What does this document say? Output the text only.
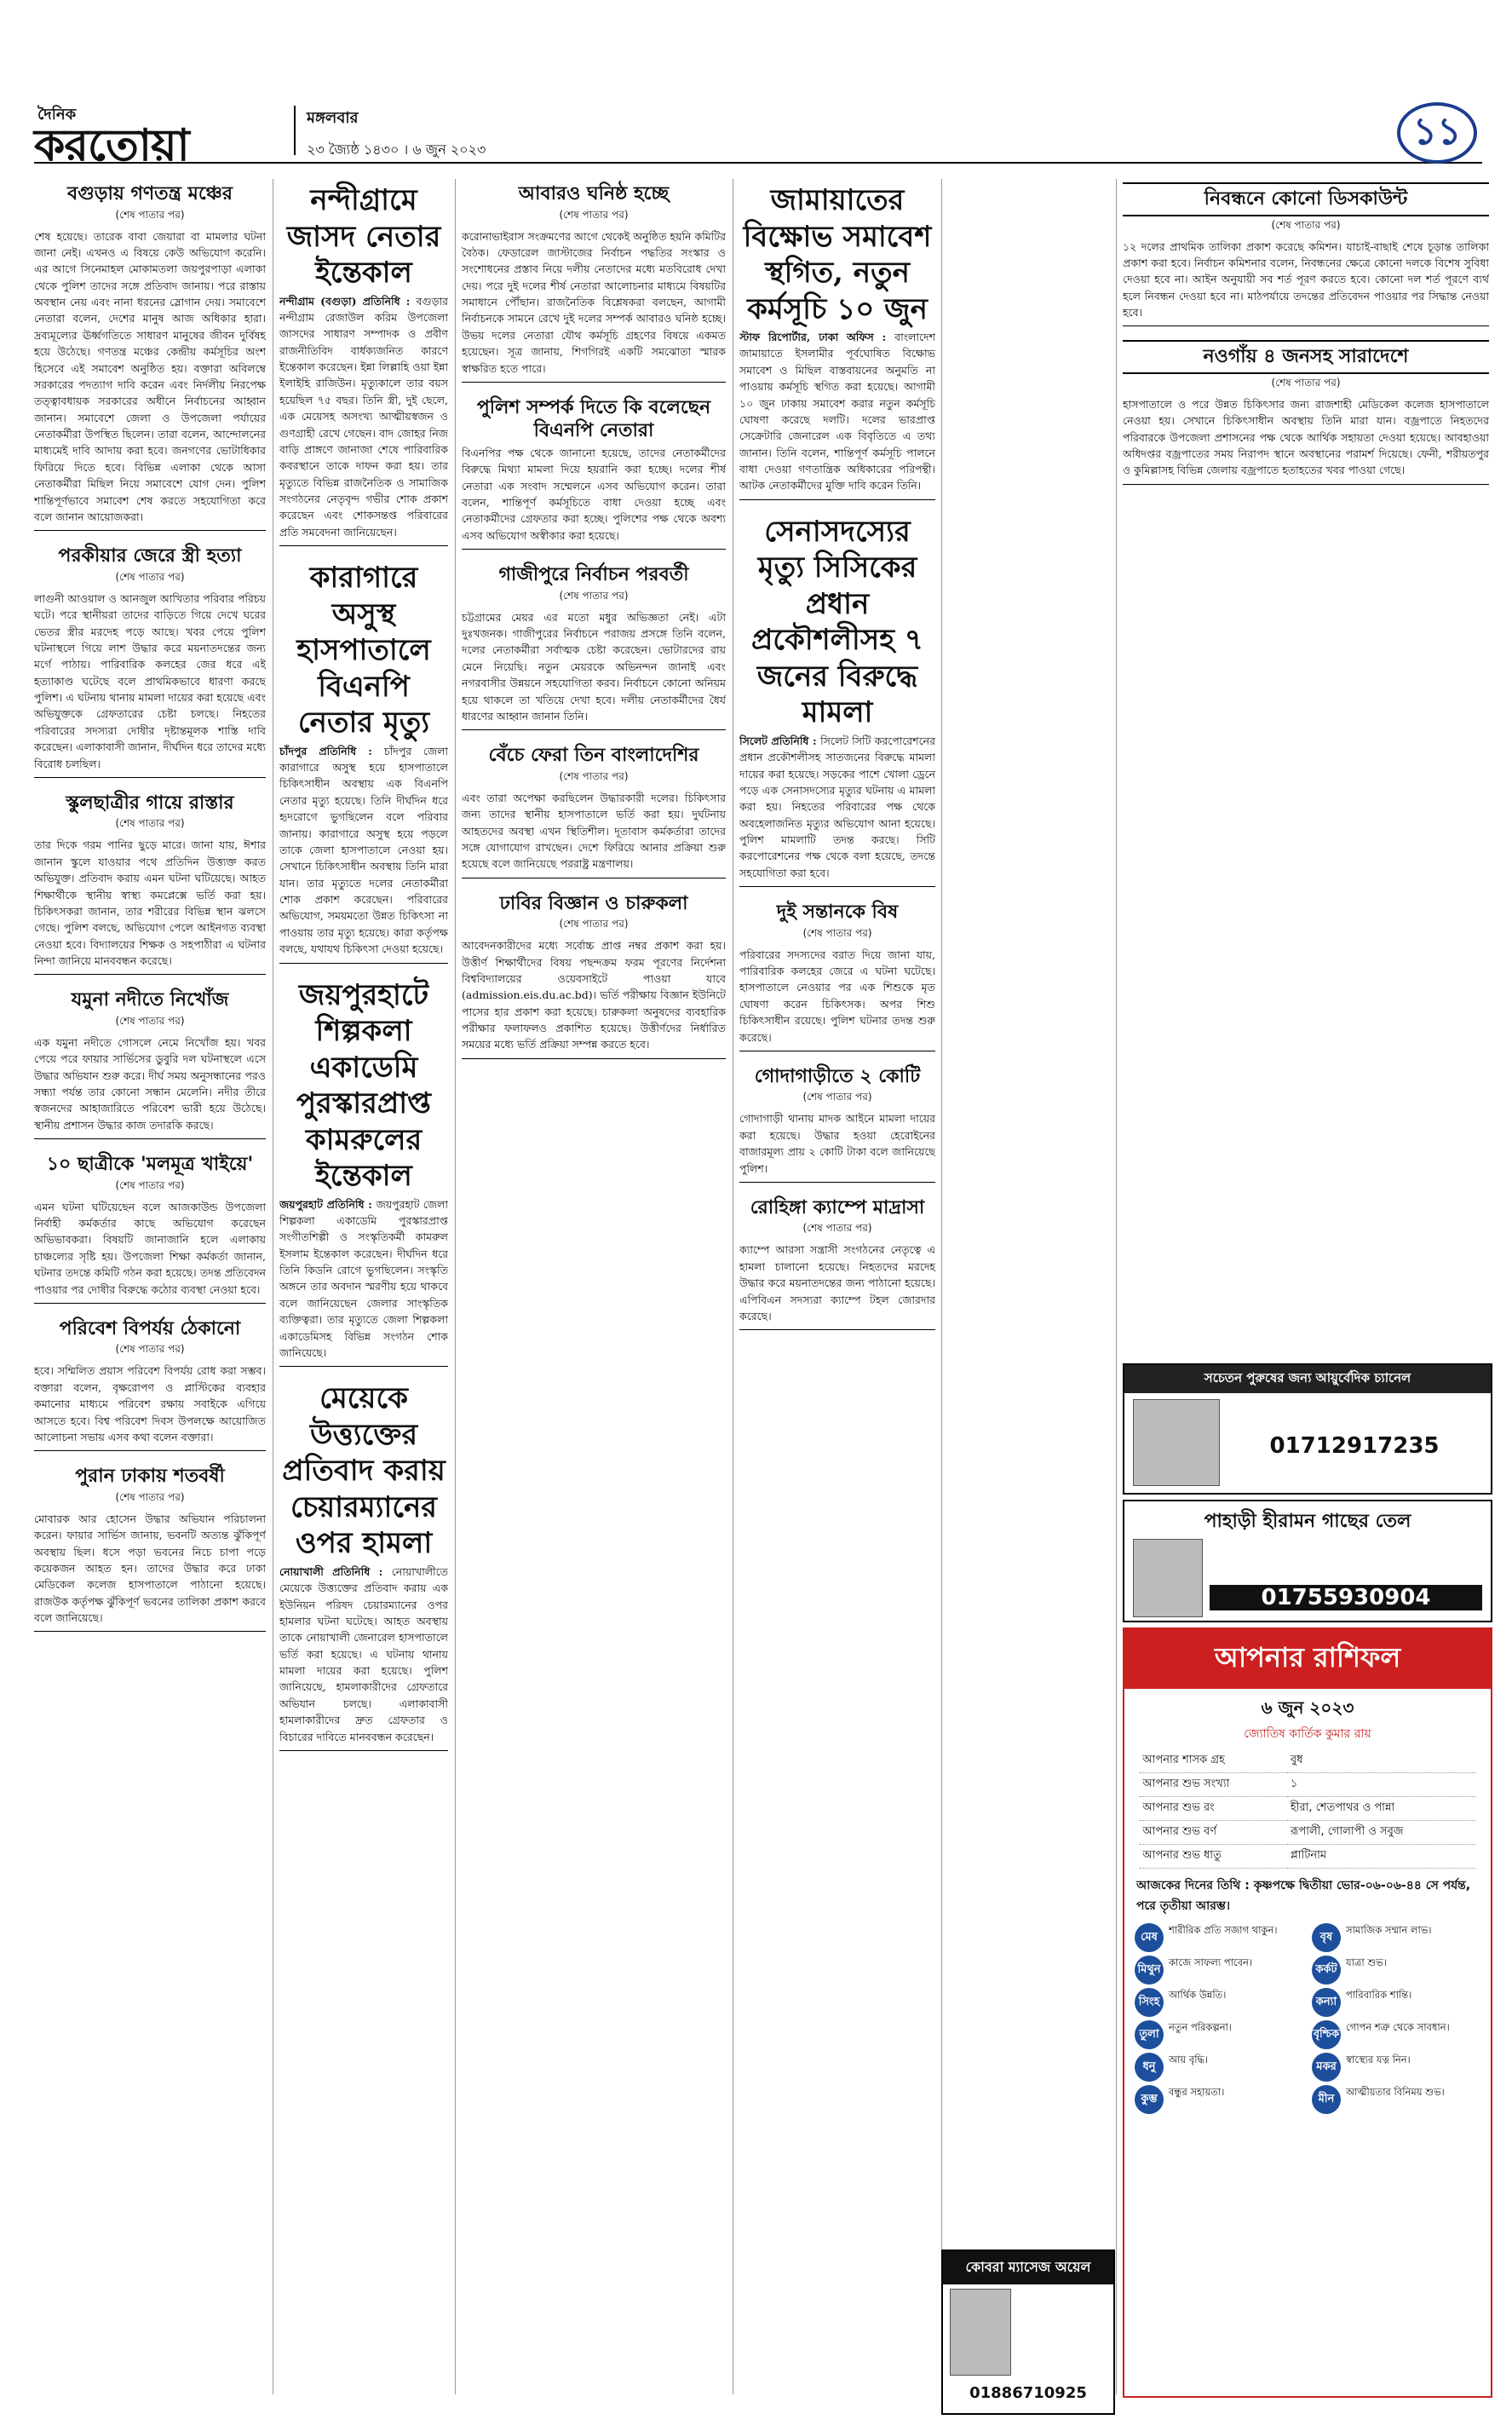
দৈনিক
করতোয়া
মঙ্গলবার
২৩ জ্যৈষ্ঠ ১৪৩০ । ৬ জুন ২০২৩	১১
বগুড়ায় গণতন্ত্র মঞ্চের
(শেষ পাতার পর)
শেষ হয়েছে। তারেক বাবা জেয়ারা বা মামলার ঘটনা জানা নেই। এখনও এ বিষয়ে কেউ অভিযোগ করেনি। এর আগে সিনেমাহল মোকামতলা জয়পুরপাড়া এলাকা থেকে পুলিশ তাদের সঙ্গে প্রতিবাদ জানায়। পরে রাস্তায় অবস্থান নেয় এবং নানা ধরনের স্লোগান দেয়। সমাবেশে নেতারা বলেন, দেশের মানুষ আজ অধিকার হারা। দ্রব্যমূল্যের ঊর্ধ্বগতিতে সাধারণ মানুষের জীবন দুর্বিষহ হয়ে উঠেছে। গণতন্ত্র মঞ্চের কেন্দ্রীয় কর্মসূচির অংশ হিসেবে এই সমাবেশ অনুষ্ঠিত হয়। বক্তারা অবিলম্বে সরকারের পদত্যাগ দাবি করেন এবং নির্দলীয় নিরপেক্ষ তত্ত্বাবধায়ক সরকারের অধীনে নির্বাচনের আহ্বান জানান। সমাবেশে জেলা ও উপজেলা পর্যায়ের নেতাকর্মীরা উপস্থিত ছিলেন। তারা বলেন, আন্দোলনের মাধ্যমেই দাবি আদায় করা হবে। জনগণের ভোটাধিকার ফিরিয়ে দিতে হবে। বিভিন্ন এলাকা থেকে আসা নেতাকর্মীরা মিছিল নিয়ে সমাবেশে যোগ দেন। পুলিশ শান্তিপূর্ণভাবে সমাবেশ শেষ করতে সহযোগিতা করে বলে জানান আয়োজকরা।
পরকীয়ার জেরে স্ত্রী হত্যা
(শেষ পাতার পর)
লাগুনী আওয়াল ও আনজুল আখিতার পরিবার পরিচয় ঘটে। পরে স্থানীয়রা তাদের বাড়িতে গিয়ে দেখে ঘরের ভেতর স্ত্রীর মরদেহ পড়ে আছে। খবর পেয়ে পুলিশ ঘটনাস্থলে গিয়ে লাশ উদ্ধার করে ময়নাতদন্তের জন্য মর্গে পাঠায়। পারিবারিক কলহের জের ধরে এই হত্যাকাণ্ড ঘটেছে বলে প্রাথমিকভাবে ধারণা করছে পুলিশ। এ ঘটনায় থানায় মামলা দায়ের করা হয়েছে এবং অভিযুক্তকে গ্রেফতারের চেষ্টা চলছে। নিহতের পরিবারের সদস্যরা দোষীর দৃষ্টান্তমূলক শাস্তি দাবি করেছেন। এলাকাবাসী জানান, দীর্ঘদিন ধরে তাদের মধ্যে বিরোধ চলছিল।
স্কুলছাত্রীর গায়ে রাস্তার
(শেষ পাতার পর)
তার দিকে গরম পানির ছুড়ে মারে। জানা যায়, ঈশার জানান স্কুলে যাওয়ার পথে প্রতিদিন উত্ত্যক্ত করত অভিযুক্ত। প্রতিবাদ করায় এমন ঘটনা ঘটিয়েছে। আহত শিক্ষার্থীকে স্থানীয় স্বাস্থ্য কমপ্লেক্সে ভর্তি করা হয়। চিকিৎসকরা জানান, তার শরীরের বিভিন্ন স্থান ঝলসে গেছে। পুলিশ বলছে, অভিযোগ পেলে আইনগত ব্যবস্থা নেওয়া হবে। বিদ্যালয়ের শিক্ষক ও সহপাঠীরা এ ঘটনার নিন্দা জানিয়ে মানববন্ধন করেছে।
যমুনা নদীতে নিখোঁজ
(শেষ পাতার পর)
এক যমুনা নদীতে গোসলে নেমে নিখোঁজ হয়। খবর পেয়ে পরে ফায়ার সার্ভিসের ডুবুরি দল ঘটনাস্থলে এসে উদ্ধার অভিযান শুরু করে। দীর্ঘ সময় অনুসন্ধানের পরও সন্ধ্যা পর্যন্ত তার কোনো সন্ধান মেলেনি। নদীর তীরে স্বজনদের আহাজারিতে পরিবেশ ভারী হয়ে উঠেছে। স্থানীয় প্রশাসন উদ্ধার কাজ তদারকি করছে।
১০ ছাত্রীকে 'মলমূত্র খাইয়ে'
(শেষ পাতার পর)
এমন ঘটনা ঘটিয়েছেন বলে আজকাউন্ড উপজেলা নির্বাহী কর্মকর্তার কাছে অভিযোগ করেছেন অভিভাবকরা। বিষয়টি জানাজানি হলে এলাকায় চাঞ্চল্যের সৃষ্টি হয়। উপজেলা শিক্ষা কর্মকর্তা জানান, ঘটনার তদন্তে কমিটি গঠন করা হয়েছে। তদন্ত প্রতিবেদন পাওয়ার পর দোষীর বিরুদ্ধে কঠোর ব্যবস্থা নেওয়া হবে।
পরিবেশ বিপর্যয় ঠেকানো
(শেষ পাতার পর)
হবে। সম্মিলিত প্রয়াস পরিবেশ বিপর্যয় রোধ করা সম্ভব। বক্তারা বলেন, বৃক্ষরোপণ ও প্লাস্টিকের ব্যবহার কমানোর মাধ্যমে পরিবেশ রক্ষায় সবাইকে এগিয়ে আসতে হবে। বিশ্ব পরিবেশ দিবস উপলক্ষে আয়োজিত আলোচনা সভায় এসব কথা বলেন বক্তারা।
পুরান ঢাকায় শতবর্ষী
(শেষ পাতার পর)
মোবারক আর হোসেন উদ্ধার অভিযান পরিচালনা করেন। ফায়ার সার্ভিস জানায়, ভবনটি অত্যন্ত ঝুঁকিপূর্ণ অবস্থায় ছিল। ধসে পড়া ভবনের নিচে চাপা পড়ে কয়েকজন আহত হন। তাদের উদ্ধার করে ঢাকা মেডিকেল কলেজ হাসপাতালে পাঠানো হয়েছে। রাজউক কর্তৃপক্ষ ঝুঁকিপূর্ণ ভবনের তালিকা প্রকাশ করবে বলে জানিয়েছে।
নন্দীগ্রামে জাসদ নেতার ইন্তেকাল
নন্দীগ্রাম (বগুড়া) প্রতিনিধি : বগুড়ার নন্দীগ্রাম রেজাউল করিম উপজেলা জাসদের সাধারণ সম্পাদক ও প্রবীণ রাজনীতিবিদ বার্ধক্যজনিত কারণে ইন্তেকাল করেছেন। ইন্না লিল্লাহি ওয়া ইন্না ইলাইহি রাজিউন। মৃত্যুকালে তার বয়স হয়েছিল ৭৫ বছর। তিনি স্ত্রী, দুই ছেলে, এক মেয়েসহ অসংখ্য আত্মীয়স্বজন ও গুণগ্রাহী রেখে গেছেন। বাদ জোহর নিজ বাড়ি প্রাঙ্গণে জানাজা শেষে পারিবারিক কবরস্থানে তাকে দাফন করা হয়। তার মৃত্যুতে বিভিন্ন রাজনৈতিক ও সামাজিক সংগঠনের নেতৃবৃন্দ গভীর শোক প্রকাশ করেছেন এবং শোকসন্তপ্ত পরিবারের প্রতি সমবেদনা জানিয়েছেন।
কারাগারে অসুস্থ হাসপাতালে বিএনপি নেতার মৃত্যু
চাঁদপুর প্রতিনিধি : চাঁদপুর জেলা কারাগারে অসুস্থ হয়ে হাসপাতালে চিকিৎসাধীন অবস্থায় এক বিএনপি নেতার মৃত্যু হয়েছে। তিনি দীর্ঘদিন ধরে হৃদরোগে ভুগছিলেন বলে পরিবার জানায়। কারাগারে অসুস্থ হয়ে পড়লে তাকে জেলা হাসপাতালে নেওয়া হয়। সেখানে চিকিৎসাধীন অবস্থায় তিনি মারা যান। তার মৃত্যুতে দলের নেতাকর্মীরা শোক প্রকাশ করেছেন। পরিবারের অভিযোগ, সময়মতো উন্নত চিকিৎসা না পাওয়ায় তার মৃত্যু হয়েছে। কারা কর্তৃপক্ষ বলছে, যথাযথ চিকিৎসা দেওয়া হয়েছে।
জয়পুরহাটে শিল্পকলা একাডেমি পুরস্কারপ্রাপ্ত কামরুলের ইন্তেকাল
জয়পুরহাট প্রতিনিধি : জয়পুরহাট জেলা শিল্পকলা একাডেমি পুরস্কারপ্রাপ্ত সংগীতশিল্পী ও সংস্কৃতিকর্মী কামরুল ইসলাম ইন্তেকাল করেছেন। দীর্ঘদিন ধরে তিনি কিডনি রোগে ভুগছিলেন। সংস্কৃতি অঙ্গনে তার অবদান স্মরণীয় হয়ে থাকবে বলে জানিয়েছেন জেলার সাংস্কৃতিক ব্যক্তিত্বরা। তার মৃত্যুতে জেলা শিল্পকলা একাডেমিসহ বিভিন্ন সংগঠন শোক জানিয়েছে।
মেয়েকে উত্ত্যক্তের প্রতিবাদ করায় চেয়ারম্যানের ওপর হামলা
নোয়াখালী প্রতিনিধি : নোয়াখালীতে মেয়েকে উত্ত্যক্তের প্রতিবাদ করায় এক ইউনিয়ন পরিষদ চেয়ারম্যানের ওপর হামলার ঘটনা ঘটেছে। আহত অবস্থায় তাকে নোয়াখালী জেনারেল হাসপাতালে ভর্তি করা হয়েছে। এ ঘটনায় থানায় মামলা দায়ের করা হয়েছে। পুলিশ জানিয়েছে, হামলাকারীদের গ্রেফতারে অভিযান চলছে। এলাকাবাসী হামলাকারীদের দ্রুত গ্রেফতার ও বিচারের দাবিতে মানববন্ধন করেছেন।
আবারও ঘনিষ্ঠ হচ্ছে
(শেষ পাতার পর)
করোনাভাইরাস সংক্রমণের আগে থেকেই অনুষ্ঠিত হয়নি কমিটির বৈঠক। ফেডারেল জাস্টাজের নির্বাচন পদ্ধতির সংস্কার ও সংশোধনের প্রস্তাব নিয়ে দলীয় নেতাদের মধ্যে মতবিরোধ দেখা দেয়। পরে দুই দলের শীর্ষ নেতারা আলোচনার মাধ্যমে বিষয়টির সমাধানে পৌঁছান। রাজনৈতিক বিশ্লেষকরা বলছেন, আগামী নির্বাচনকে সামনে রেখে দুই দলের সম্পর্ক আবারও ঘনিষ্ঠ হচ্ছে। উভয় দলের নেতারা যৌথ কর্মসূচি গ্রহণের বিষয়ে একমত হয়েছেন। সূত্র জানায়, শিগগিরই একটি সমঝোতা স্মারক স্বাক্ষরিত হতে পারে।
পুলিশ সম্পর্ক দিতে কি বলেছেন বিএনপি নেতারা
বিএনপির পক্ষ থেকে জানানো হয়েছে, তাদের নেতাকর্মীদের বিরুদ্ধে মিথ্যা মামলা দিয়ে হয়রানি করা হচ্ছে। দলের শীর্ষ নেতারা এক সংবাদ সম্মেলনে এসব অভিযোগ করেন। তারা বলেন, শান্তিপূর্ণ কর্মসূচিতে বাধা দেওয়া হচ্ছে এবং নেতাকর্মীদের গ্রেফতার করা হচ্ছে। পুলিশের পক্ষ থেকে অবশ্য এসব অভিযোগ অস্বীকার করা হয়েছে।
গাজীপুরে নির্বাচন পরবর্তী
(শেষ পাতার পর)
চট্টগ্রামের মেয়র এর মতো মধুর অভিজ্ঞতা নেই। এটা দুঃখজনক। গাজীপুরের নির্বাচনে পরাজয় প্রসঙ্গে তিনি বলেন, দলের নেতাকর্মীরা সর্বাত্মক চেষ্টা করেছেন। ভোটারদের রায় মেনে নিয়েছি। নতুন মেয়রকে অভিনন্দন জানাই এবং নগরবাসীর উন্নয়নে সহযোগিতা করব। নির্বাচনে কোনো অনিয়ম হয়ে থাকলে তা খতিয়ে দেখা হবে। দলীয় নেতাকর্মীদের ধৈর্য ধারণের আহ্বান জানান তিনি।
বেঁচে ফেরা তিন বাংলাদেশির
(শেষ পাতার পর)
এবং তারা অপেক্ষা করছিলেন উদ্ধারকারী দলের। চিকিৎসার জন্য তাদের স্থানীয় হাসপাতালে ভর্তি করা হয়। দুর্ঘটনায় আহতদের অবস্থা এখন স্থিতিশীল। দূতাবাস কর্মকর্তারা তাদের সঙ্গে যোগাযোগ রাখছেন। দেশে ফিরিয়ে আনার প্রক্রিয়া শুরু হয়েছে বলে জানিয়েছে পররাষ্ট্র মন্ত্রণালয়।
ঢাবির বিজ্ঞান ও চারুকলা
(শেষ পাতার পর)
আবেদনকারীদের মধ্যে সর্বোচ্চ প্রাপ্ত নম্বর প্রকাশ করা হয়। উত্তীর্ণ শিক্ষার্থীদের বিষয় পছন্দক্রম ফরম পূরণের নির্দেশনা বিশ্ববিদ্যালয়ের ওয়েবসাইটে পাওয়া যাবে (admission.eis.du.ac.bd)। ভর্তি পরীক্ষায় বিজ্ঞান ইউনিটে পাসের হার প্রকাশ করা হয়েছে। চারুকলা অনুষদের ব্যবহারিক পরীক্ষার ফলাফলও প্রকাশিত হয়েছে। উত্তীর্ণদের নির্ধারিত সময়ের মধ্যে ভর্তি প্রক্রিয়া সম্পন্ন করতে হবে।
জামায়াতের বিক্ষোভ সমাবেশ স্থগিত, নতুন কর্মসূচি ১০ জুন
স্টাফ রিপোর্টার, ঢাকা অফিস : বাংলাদেশ জামায়াতে ইসলামীর পূর্বঘোষিত বিক্ষোভ সমাবেশ ও মিছিল বাস্তবায়নের অনুমতি না পাওয়ায় কর্মসূচি স্থগিত করা হয়েছে। আগামী ১০ জুন ঢাকায় সমাবেশ করার নতুন কর্মসূচি ঘোষণা করেছে দলটি। দলের ভারপ্রাপ্ত সেক্রেটারি জেনারেল এক বিবৃতিতে এ তথ্য জানান। তিনি বলেন, শান্তিপূর্ণ কর্মসূচি পালনে বাধা দেওয়া গণতান্ত্রিক অধিকারের পরিপন্থী। আটক নেতাকর্মীদের মুক্তি দাবি করেন তিনি।
সেনাসদস্যের মৃত্যু সিসিকের প্রধান প্রকৌশলীসহ ৭ জনের বিরুদ্ধে মামলা
সিলেট প্রতিনিধি : সিলেট সিটি করপোরেশনের প্রধান প্রকৌশলীসহ সাতজনের বিরুদ্ধে মামলা দায়ের করা হয়েছে। সড়কের পাশে খোলা ড্রেনে পড়ে এক সেনাসদস্যের মৃত্যুর ঘটনায় এ মামলা করা হয়। নিহতের পরিবারের পক্ষ থেকে অবহেলাজনিত মৃত্যুর অভিযোগ আনা হয়েছে। পুলিশ মামলাটি তদন্ত করছে। সিটি করপোরেশনের পক্ষ থেকে বলা হয়েছে, তদন্তে সহযোগিতা করা হবে।
দুই সন্তানকে বিষ
(শেষ পাতার পর)
পরিবারের সদস্যদের বরাত দিয়ে জানা যায়, পারিবারিক কলহের জেরে এ ঘটনা ঘটেছে। হাসপাতালে নেওয়ার পর এক শিশুকে মৃত ঘোষণা করেন চিকিৎসক। অপর শিশু চিকিৎসাধীন রয়েছে। পুলিশ ঘটনার তদন্ত শুরু করেছে।
গোদাগাড়ীতে ২ কোটি
(শেষ পাতার পর)
গোদাগাড়ী থানায় মাদক আইনে মামলা দায়ের করা হয়েছে। উদ্ধার হওয়া হেরোইনের বাজারমূল্য প্রায় ২ কোটি টাকা বলে জানিয়েছে পুলিশ।
রোহিঙ্গা ক্যাম্পে মাদ্রাসা
(শেষ পাতার পর)
ক্যাম্পে আরসা সন্ত্রাসী সংগঠনের নেতৃত্বে এ হামলা চালানো হয়েছে। নিহতদের মরদেহ উদ্ধার করে ময়নাতদন্তের জন্য পাঠানো হয়েছে। এপিবিএন সদস্যরা ক্যাম্পে টহল জোরদার করেছে।
নিবন্ধনে কোনো ডিসকাউন্ট
(শেষ পাতার পর)
১২ দলের প্রাথমিক তালিকা প্রকাশ করেছে কমিশন। যাচাই-বাছাই শেষে চূড়ান্ত তালিকা প্রকাশ করা হবে। নির্বাচন কমিশনার বলেন, নিবন্ধনের ক্ষেত্রে কোনো দলকে বিশেষ সুবিধা দেওয়া হবে না। আইন অনুযায়ী সব শর্ত পূরণ করতে হবে। কোনো দল শর্ত পূরণে ব্যর্থ হলে নিবন্ধন দেওয়া হবে না। মাঠপর্যায়ে তদন্তের প্রতিবেদন পাওয়ার পর সিদ্ধান্ত নেওয়া হবে।
নওগাঁয় ৪ জনসহ সারাদেশে
(শেষ পাতার পর)
হাসপাতালে ও পরে উন্নত চিকিৎসার জন্য রাজশাহী মেডিকেল কলেজ হাসপাতালে নেওয়া হয়। সেখানে চিকিৎসাধীন অবস্থায় তিনি মারা যান। বজ্রপাতে নিহতদের পরিবারকে উপজেলা প্রশাসনের পক্ষ থেকে আর্থিক সহায়তা দেওয়া হয়েছে। আবহাওয়া অধিদপ্তর বজ্রপাতের সময় নিরাপদ স্থানে অবস্থানের পরামর্শ দিয়েছে। ফেনী, শরীয়তপুর ও কুমিল্লাসহ বিভিন্ন জেলায় বজ্রপাতে হতাহতের খবর পাওয়া গেছে।
সচেতন পুরুষের জন্য আয়ুর্বেদিক চ্যানেল
01712917235
পাহাড়ী হীরামন গাছের তেল
01755930904
কোবরা ম্যাসেজ অয়েল
01886710925
আপনার রাশিফল
৬ জুন ২০২৩
জ্যোতিষ কার্তিক কুমার রায়
আপনার শাসক গ্রহ	বুধ
আপনার শুভ সংখ্যা	১
আপনার শুভ রং	হীরা, শেতপাথর ও পান্না
আপনার শুভ বর্ণ	রূপালী, গোলাপী ও সবুজ
আপনার শুভ ধাতু	প্লাটিনাম
আজকের দিনের তিথি : কৃষ্ণপক্ষে দ্বিতীয়া ভোর-০৬-০৬-৪৪ সে পর্যন্ত, পরে তৃতীয়া আরম্ভ।
মেষ
শারীরিক প্রতি সজাগ থাকুন।
বৃষ
সামাজিক সম্মান লাভ।
মিথুন
কাজে সাফল্য পাবেন।
কর্কট
যাত্রা শুভ।
সিংহ
আর্থিক উন্নতি।
কন্যা
পারিবারিক শান্তি।
তুলা
নতুন পরিকল্পনা।
বৃশ্চিক
গোপন শত্রু থেকে সাবধান।
ধনু
আয় বৃদ্ধি।
মকর
স্বাস্থ্যের যত্ন নিন।
কুম্ভ
বন্ধুর সহায়তা।
মীন
আত্মীয়তার বিনিময় শুভ।
